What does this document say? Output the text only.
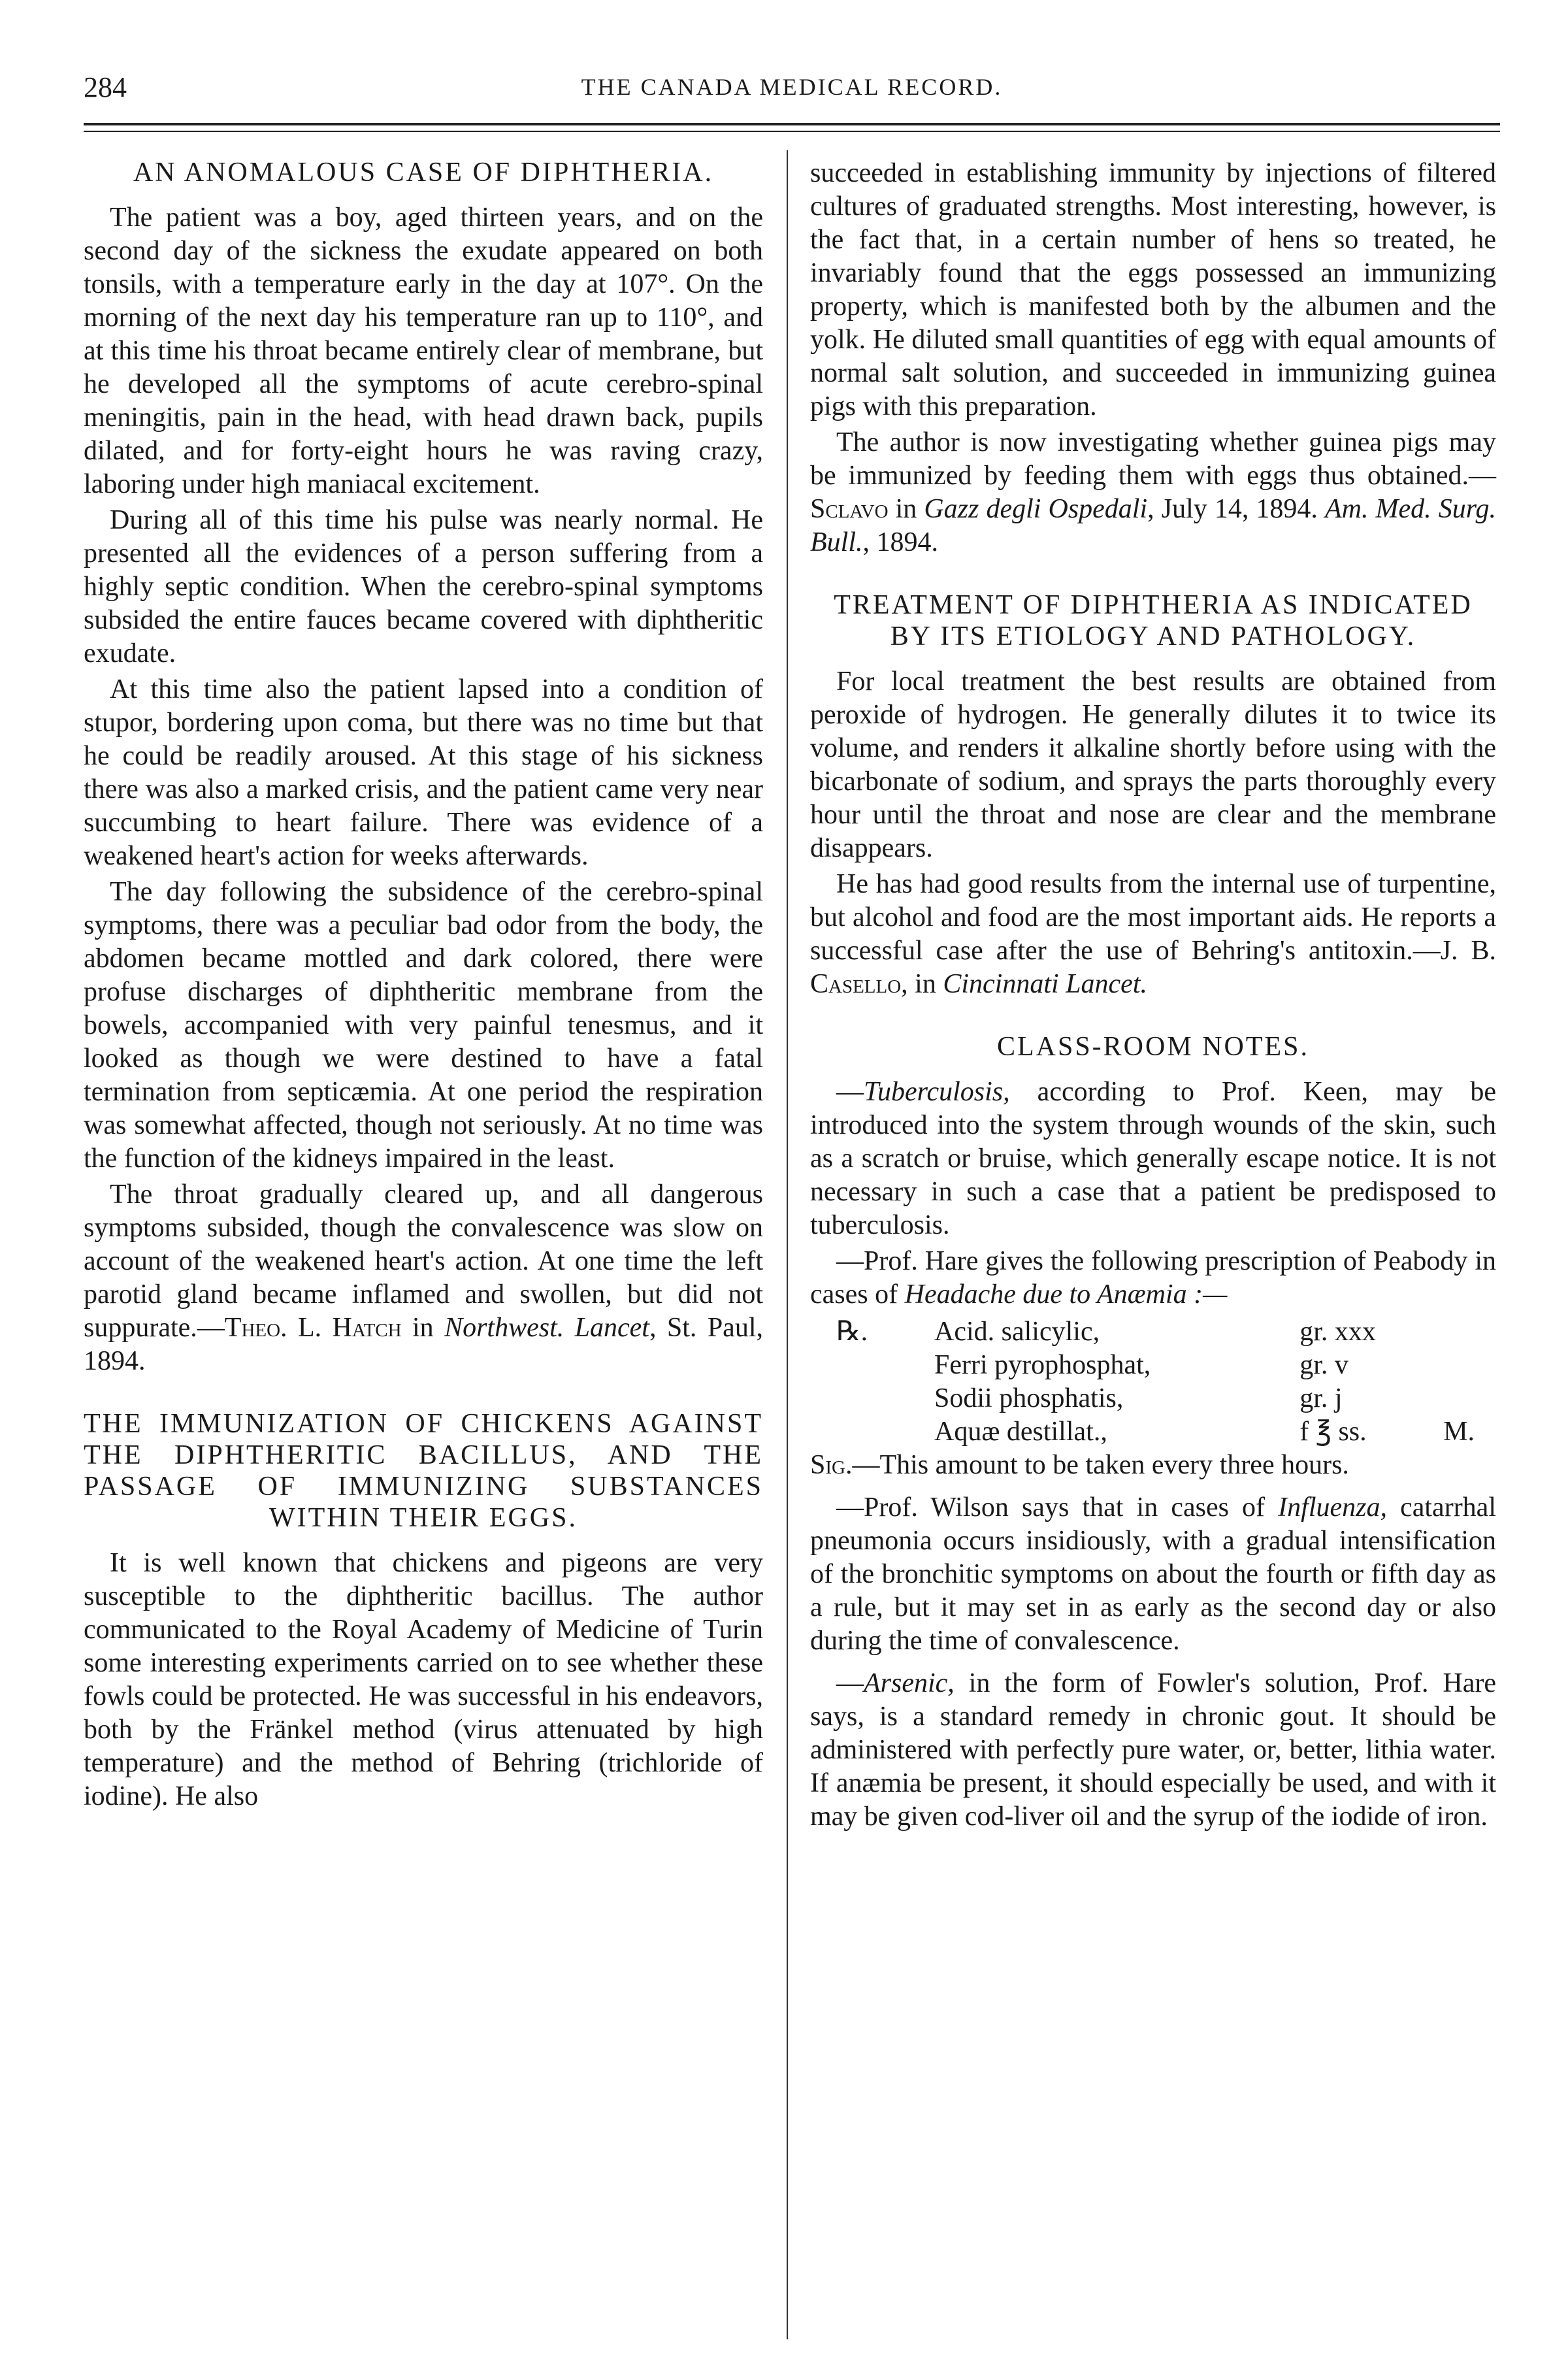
284	THE CANADA MEDICAL RECORD.
AN ANOMALOUS CASE OF DIPHTHERIA.

The patient was a boy, aged thirteen years, and on the second day of the sickness the exudate appeared on both tonsils, with a temperature early in the day at 107°. On the morning of the next day his temperature ran up to 110°, and at this time his throat became entirely clear of membrane, but he developed all the symptoms of acute cerebro-spinal meningitis, pain in the head, with head drawn back, pupils dilated, and for forty-eight hours he was raving crazy, laboring under high maniacal excitement.

During all of this time his pulse was nearly normal. He presented all the evidences of a person suffering from a highly septic condition. When the cerebro-spinal symptoms subsided the entire fauces became covered with diphtheritic exudate.

At this time also the patient lapsed into a condition of stupor, bordering upon coma, but there was no time but that he could be readily aroused. At this stage of his sickness there was also a marked crisis, and the patient came very near succumbing to heart failure. There was evidence of a weakened heart's action for weeks afterwards.

The day following the subsidence of the cerebro-spinal symptoms, there was a peculiar bad odor from the body, the abdomen became mottled and dark colored, there were profuse discharges of diphtheritic membrane from the bowels, accompanied with very painful tenesmus, and it looked as though we were destined to have a fatal termination from septicæmia. At one period the respiration was somewhat affected, though not seriously. At no time was the function of the kidneys impaired in the least.

The throat gradually cleared up, and all dangerous symptoms subsided, though the convalescence was slow on account of the weakened heart's action. At one time the left parotid gland became inflamed and swollen, but did not suppurate.—Theo. L. Hatch in Northwest. Lancet, St. Paul, 1894.

THE IMMUNIZATION OF CHICKENS AGAINST THE DIPHTHERITIC BACILLUS, AND THE PASSAGE OF IMMUNIZING SUBSTANCES WITHIN THEIR EGGS.

It is well known that chickens and pigeons are very susceptible to the diphtheritic bacillus. The author communicated to the Royal Academy of Medicine of Turin some interesting experiments carried on to see whether these fowls could be protected. He was successful in his endeavors, both by the Fränkel method (virus attenuated by high temperature) and the method of Behring (trichloride of iodine). He also

succeeded in establishing immunity by injections of filtered cultures of graduated strengths. Most interesting, however, is the fact that, in a certain number of hens so treated, he invariably found that the eggs possessed an immunizing property, which is manifested both by the albumen and the yolk. He diluted small quantities of egg with equal amounts of normal salt solution, and succeeded in immunizing guinea pigs with this preparation.

The author is now investigating whether guinea pigs may be immunized by feeding them with eggs thus obtained.—Sclavo in Gazz degli Ospedali, July 14, 1894. Am. Med. Surg. Bull., 1894.

TREATMENT OF DIPHTHERIA AS INDICATED BY ITS ETIOLOGY AND PATHOLOGY.

For local treatment the best results are obtained from peroxide of hydrogen. He generally dilutes it to twice its volume, and renders it alkaline shortly before using with the bicarbonate of sodium, and sprays the parts thoroughly every hour until the throat and nose are clear and the membrane disappears.

He has had good results from the internal use of turpentine, but alcohol and food are the most important aids. He reports a successful case after the use of Behring's antitoxin.—J. B. Casello, in Cincinnati Lancet.

CLASS-ROOM NOTES.

—Tuberculosis, according to Prof. Keen, may be introduced into the system through wounds of the skin, such as a scratch or bruise, which generally escape notice. It is not necessary in such a case that a patient be predisposed to tuberculosis.

—Prof. Hare gives the following prescription of Peabody in cases of Headache due to Anæmia :—

℞.	Acid. salicylic,	gr. xxx	
	Ferri pyrophosphat,	gr. v	
	Sodii phosphatis,	gr. j	
	Aquæ destillat.,	f ℥ ss.	M.

Sig.—This amount to be taken every three hours.

—Prof. Wilson says that in cases of Influenza, catarrhal pneumonia occurs insidiously, with a gradual intensification of the bronchitic symptoms on about the fourth or fifth day as a rule, but it may set in as early as the second day or also during the time of convalescence.

—Arsenic, in the form of Fowler's solution, Prof. Hare says, is a standard remedy in chronic gout. It should be administered with perfectly pure water, or, better, lithia water. If anæmia be present, it should especially be used, and with it may be given cod-liver oil and the syrup of the iodide of iron.
